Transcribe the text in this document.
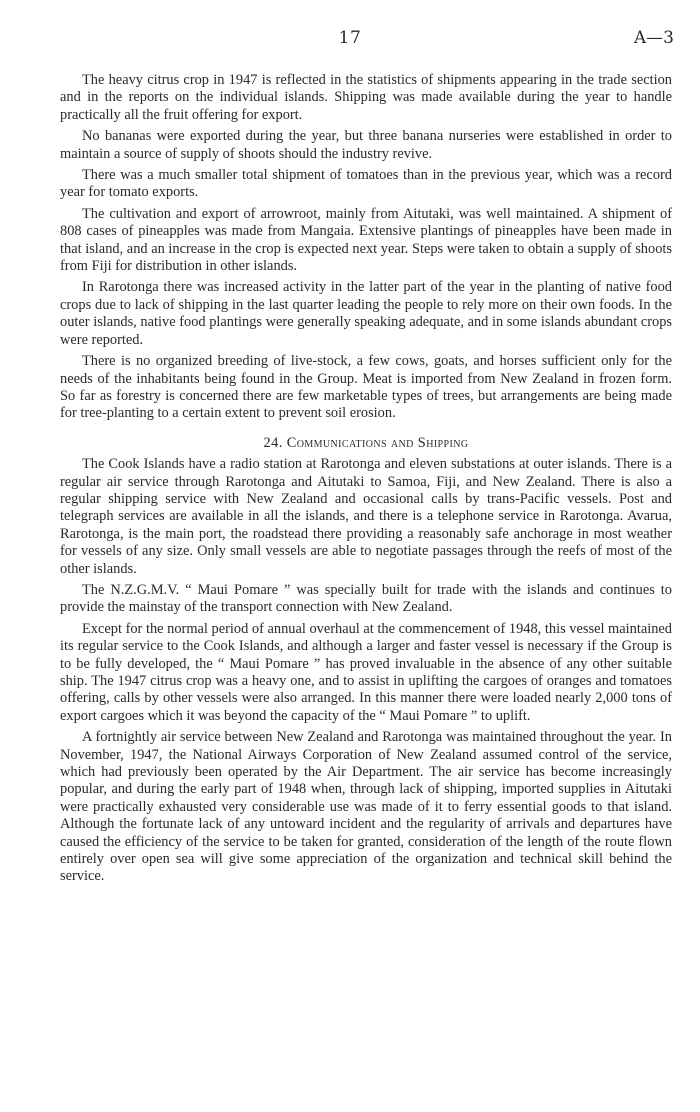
17	A—3

The heavy citrus crop in 1947 is reflected in the statistics of shipments appearing in the trade section and in the reports on the individual islands. Shipping was made available during the year to handle practically all the fruit offering for export.

No bananas were exported during the year, but three banana nurseries were established in order to maintain a source of supply of shoots should the industry revive.

There was a much smaller total shipment of tomatoes than in the previous year, which was a record year for tomato exports.

The cultivation and export of arrowroot, mainly from Aitutaki, was well maintained. A shipment of 808 cases of pineapples was made from Mangaia. Extensive plantings of pineapples have been made in that island, and an increase in the crop is expected next year. Steps were taken to obtain a supply of shoots from Fiji for distribution in other islands.

In Rarotonga there was increased activity in the latter part of the year in the planting of native food crops due to lack of shipping in the last quarter leading the people to rely more on their own foods. In the outer islands, native food plantings were generally speaking adequate, and in some islands abundant crops were reported.

There is no organized breeding of live-stock, a few cows, goats, and horses sufficient only for the needs of the inhabitants being found in the Group. Meat is imported from New Zealand in frozen form. So far as forestry is concerned there are few marketable types of trees, but arrangements are being made for tree-planting to a certain extent to prevent soil erosion.

24. Communications and Shipping

The Cook Islands have a radio station at Rarotonga and eleven substations at outer islands. There is a regular air service through Rarotonga and Aitutaki to Samoa, Fiji, and New Zealand. There is also a regular shipping service with New Zealand and occasional calls by trans-Pacific vessels. Post and telegraph services are available in all the islands, and there is a telephone service in Rarotonga. Avarua, Rarotonga, is the main port, the roadstead there providing a reasonably safe anchorage in most weather for vessels of any size. Only small vessels are able to negotiate passages through the reefs of most of the other islands.

The N.Z.G.M.V. “ Maui Pomare ” was specially built for trade with the islands and continues to provide the mainstay of the transport connection with New Zealand.

Except for the normal period of annual overhaul at the commencement of 1948, this vessel maintained its regular service to the Cook Islands, and although a larger and faster vessel is necessary if the Group is to be fully developed, the “ Maui Pomare ” has proved invaluable in the absence of any other suitable ship. The 1947 citrus crop was a heavy one, and to assist in uplifting the cargoes of oranges and tomatoes offering, calls by other vessels were also arranged. In this manner there were loaded nearly 2,000 tons of export cargoes which it was beyond the capacity of the “ Maui Pomare ” to uplift.

A fortnightly air service between New Zealand and Rarotonga was maintained throughout the year. In November, 1947, the National Airways Corporation of New Zealand assumed control of the service, which had previously been operated by the Air Department. The air service has become increasingly popular, and during the early part of 1948 when, through lack of shipping, imported supplies in Aitutaki were practically exhausted very considerable use was made of it to ferry essential goods to that island. Although the fortunate lack of any untoward incident and the regularity of arrivals and departures have caused the efficiency of the service to be taken for granted, consideration of the length of the route flown entirely over open sea will give some appreciation of the organization and technical skill behind the service.
